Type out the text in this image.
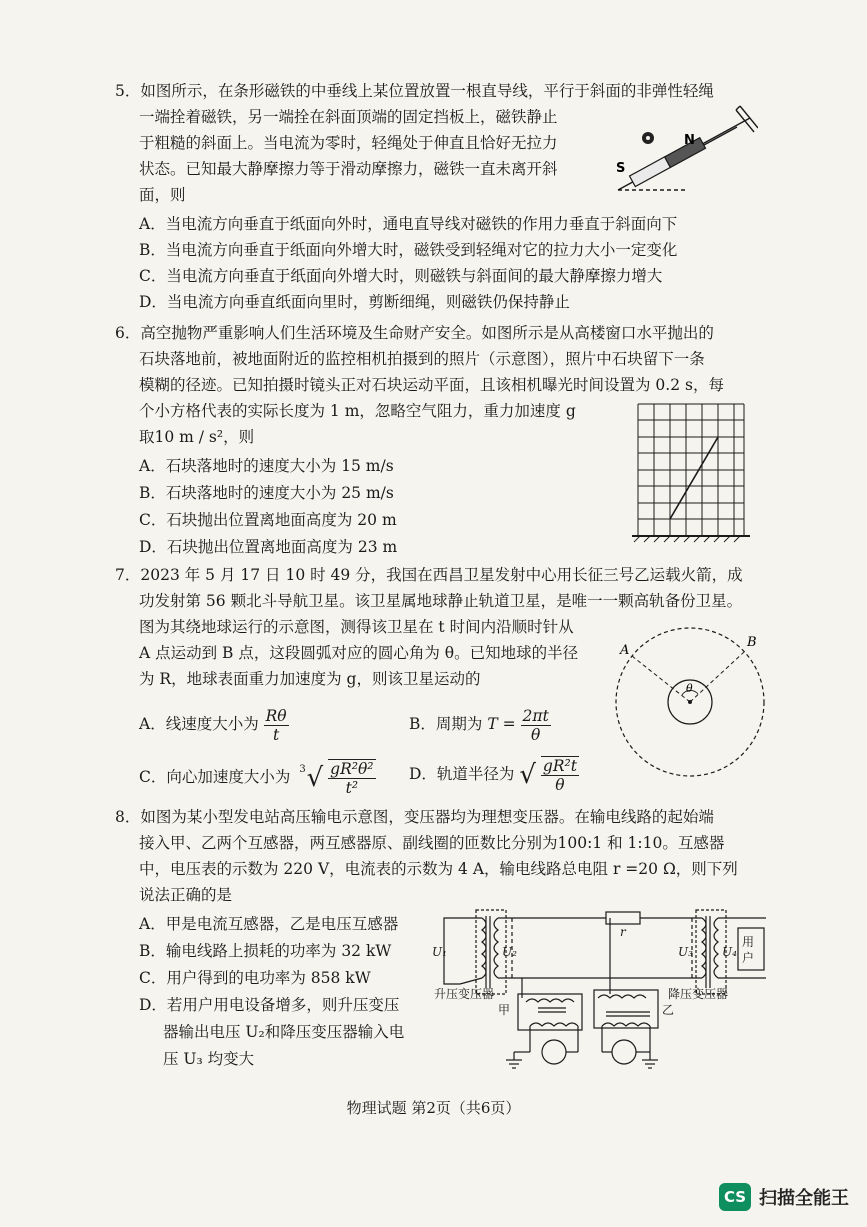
5．如图所示，在条形磁铁的中垂线上某位置放置一根直导线，平行于斜面的非弹性轻绳
一端拴着磁铁，另一端拴在斜面顶端的固定挡板上，磁铁静止
于粗糙的斜面上。当电流为零时，轻绳处于伸直且恰好无拉力
状态。已知最大静摩擦力等于滑动摩擦力，磁铁一直未离开斜
面，则
A．当电流方向垂直于纸面向外时，通电直导线对磁铁的作用力垂直于斜面向下
B．当电流方向垂直于纸面向外增大时，磁铁受到轻绳对它的拉力大小一定变化
C．当电流方向垂直于纸面向外增大时，则磁铁与斜面间的最大静摩擦力增大
D．当电流方向垂直纸面向里时，剪断细绳，则磁铁仍保持静止
S
N
6．高空抛物严重影响人们生活环境及生命财产安全。如图所示是从高楼窗口水平抛出的
石块落地前，被地面附近的监控相机拍摄到的照片（示意图），照片中石块留下一条
模糊的径迹。已知拍摄时镜头正对石块运动平面，且该相机曝光时间设置为 0.2 s，每
个小方格代表的实际长度为 1 m，忽略空气阻力，重力加速度 g
取10 m / s²，则
A．石块落地时的速度大小为 15 m/s
B．石块落地时的速度大小为 25 m/s
C．石块抛出位置离地面高度为 20 m
D．石块抛出位置离地面高度为 23 m
7．2023 年 5 月 17 日 10 时 49 分，我国在西昌卫星发射中心用长征三号乙运载火箭，成
功发射第 56 颗北斗导航卫星。该卫星属地球静止轨道卫星，是唯一一颗高轨备份卫星。
图为其绕地球运行的示意图，测得该卫星在 t 时间内沿顺时针从
A 点运动到 B 点，这段圆弧对应的圆心角为 θ。已知地球的半径
为 R，地球表面重力加速度为 g，则该卫星运动的
A．线速度大小为 $\frac{R\theta}{t}$	B．周期为 $T = \frac{2\pi t}{\theta}$
C．向心加速度大小为 $^3$ √ $\frac{\text{gR²θ²}}{\text{t²}}$ D．轨道半径为 √ $\frac{\text{gR²t}}{\theta}$
A
B
θ
8．如图为某小型发电站高压输电示意图，变压器均为理想变压器。在输电线路的起始端
接入甲、乙两个互感器，两互感器原、副线圈的匝数比分别为100:1 和 1:10。互感器
中，电压表的示数为 220 V，电流表的示数为 4 A，输电线路总电阻 r =20 Ω，则下列
说法正确的是
A．甲是电流互感器，乙是电压互感器
B．输电线路上损耗的功率为 32 kW
C．用户得到的电功率为 858 kW
D．若用户用电设备增多，则升压变压
器输出电压 U₂和降压变压器输入电
压 U₃ 均变大
U₁	U₂	U₃ U₄
r
用
户
升压变压器	降压变压器
甲	乙
物理试题 第2页（共6页）
CS 扫描全能王
